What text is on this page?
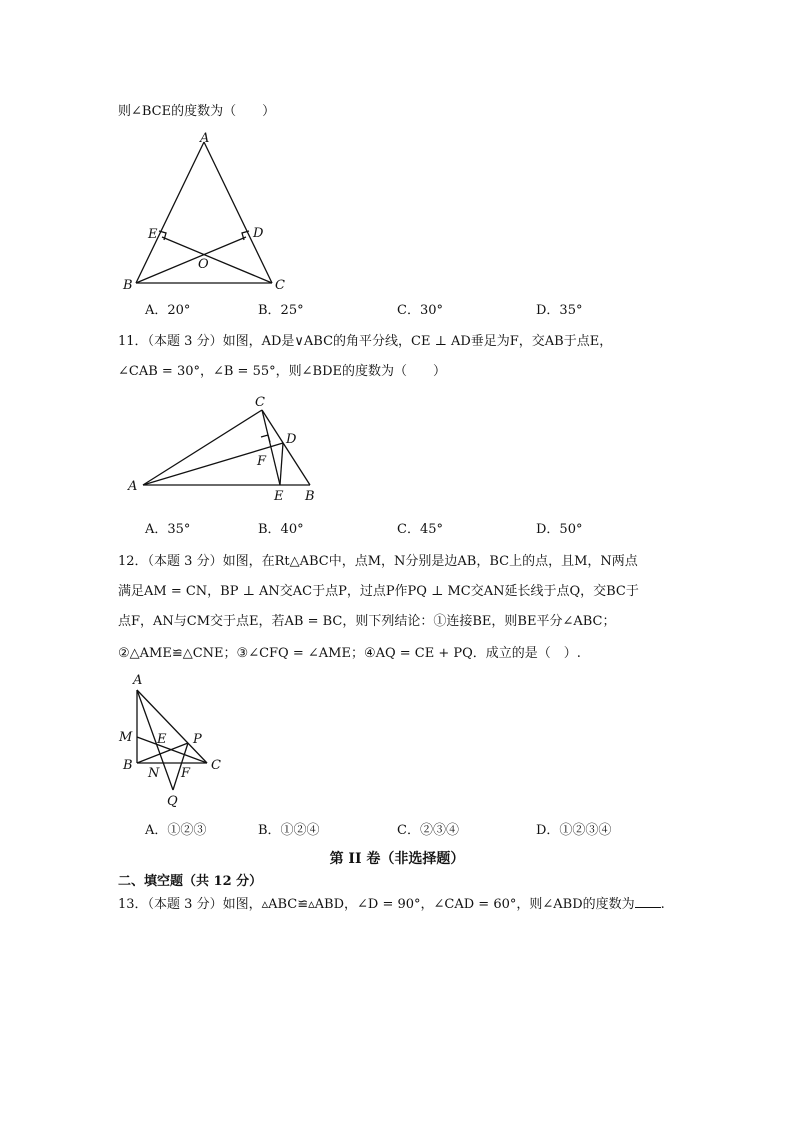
则∠BCE的度数为（　　）
A
E	D
O
B	C
A．20°	B．25°	C．30°	D．35°
11．（本题 3 分）如图，AD是∨ABC的角平分线，CE ⊥ AD垂足为F，交AB于点E，
∠CAB = 30°，∠B = 55°，则∠BDE的度数为（　　）
C
D
F
A
E B
A．35°	B．40°	C．45°	D．50°
12．（本题 3 分）如图，在Rt△ABC中，点M，N分别是边AB，BC上的点，且M，N两点
满足AM = CN，BP ⊥ AN交AC于点P，过点P作PQ ⊥ MC交AN延长线于点Q，交BC于
点F，AN与CM交于点E，若AB = BC，则下列结论：①连接BE，则BE平分∠ABC；
②△AME≌△CNE；③∠CFQ = ∠AME；④AQ = CE + PQ．成立的是（　）.
A
M E P
B
N F
C
Q
A．①②③	B．①②④	C．②③④	D．①②③④
第 II 卷（非选择题）
二、填空题（共 12 分）
13．（本题 3 分）如图，▵ABC≌▵ABD，∠D = 90°，∠CAD = 60°，则∠ABD的度数为 .
